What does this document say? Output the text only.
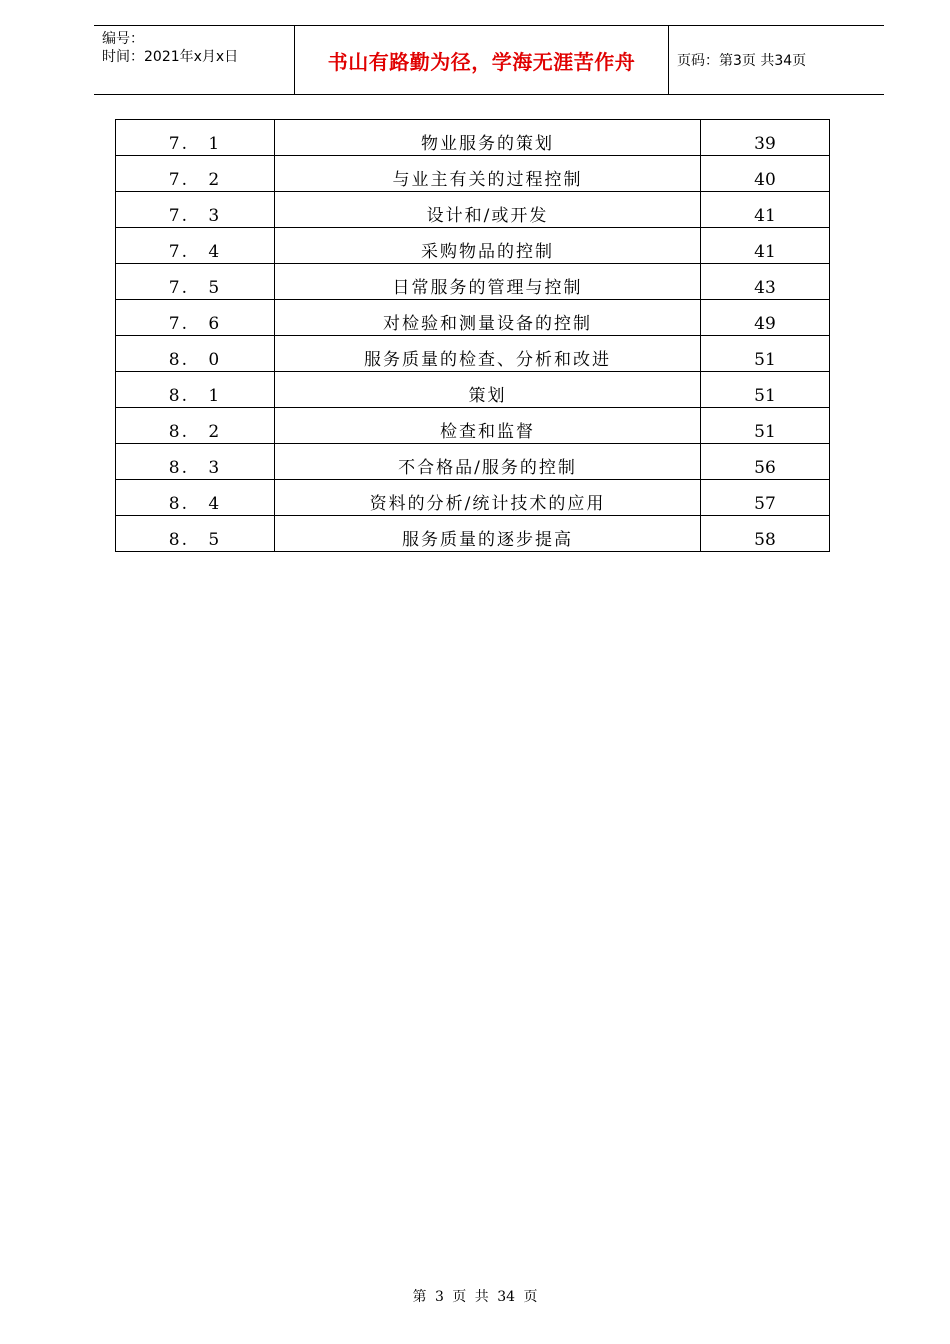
编号：
时间：2021年x月x日	书山有路勤为径，学海无涯苦作舟	页码：第3页 共34页
7. 1	物业服务的策划	39
7. 2	与业主有关的过程控制	40
7. 3	设计和/或开发	41
7. 4	采购物品的控制	41
7. 5	日常服务的管理与控制	43
7. 6	对检验和测量设备的控制	49
8. 0	服务质量的检查、分析和改进	51
8. 1	策划	51
8. 2	检查和监督	51
8. 3	不合格品/服务的控制	56
8. 4	资料的分析/统计技术的应用	57
8. 5	服务质量的逐步提高	58
第 3 页 共 34 页
